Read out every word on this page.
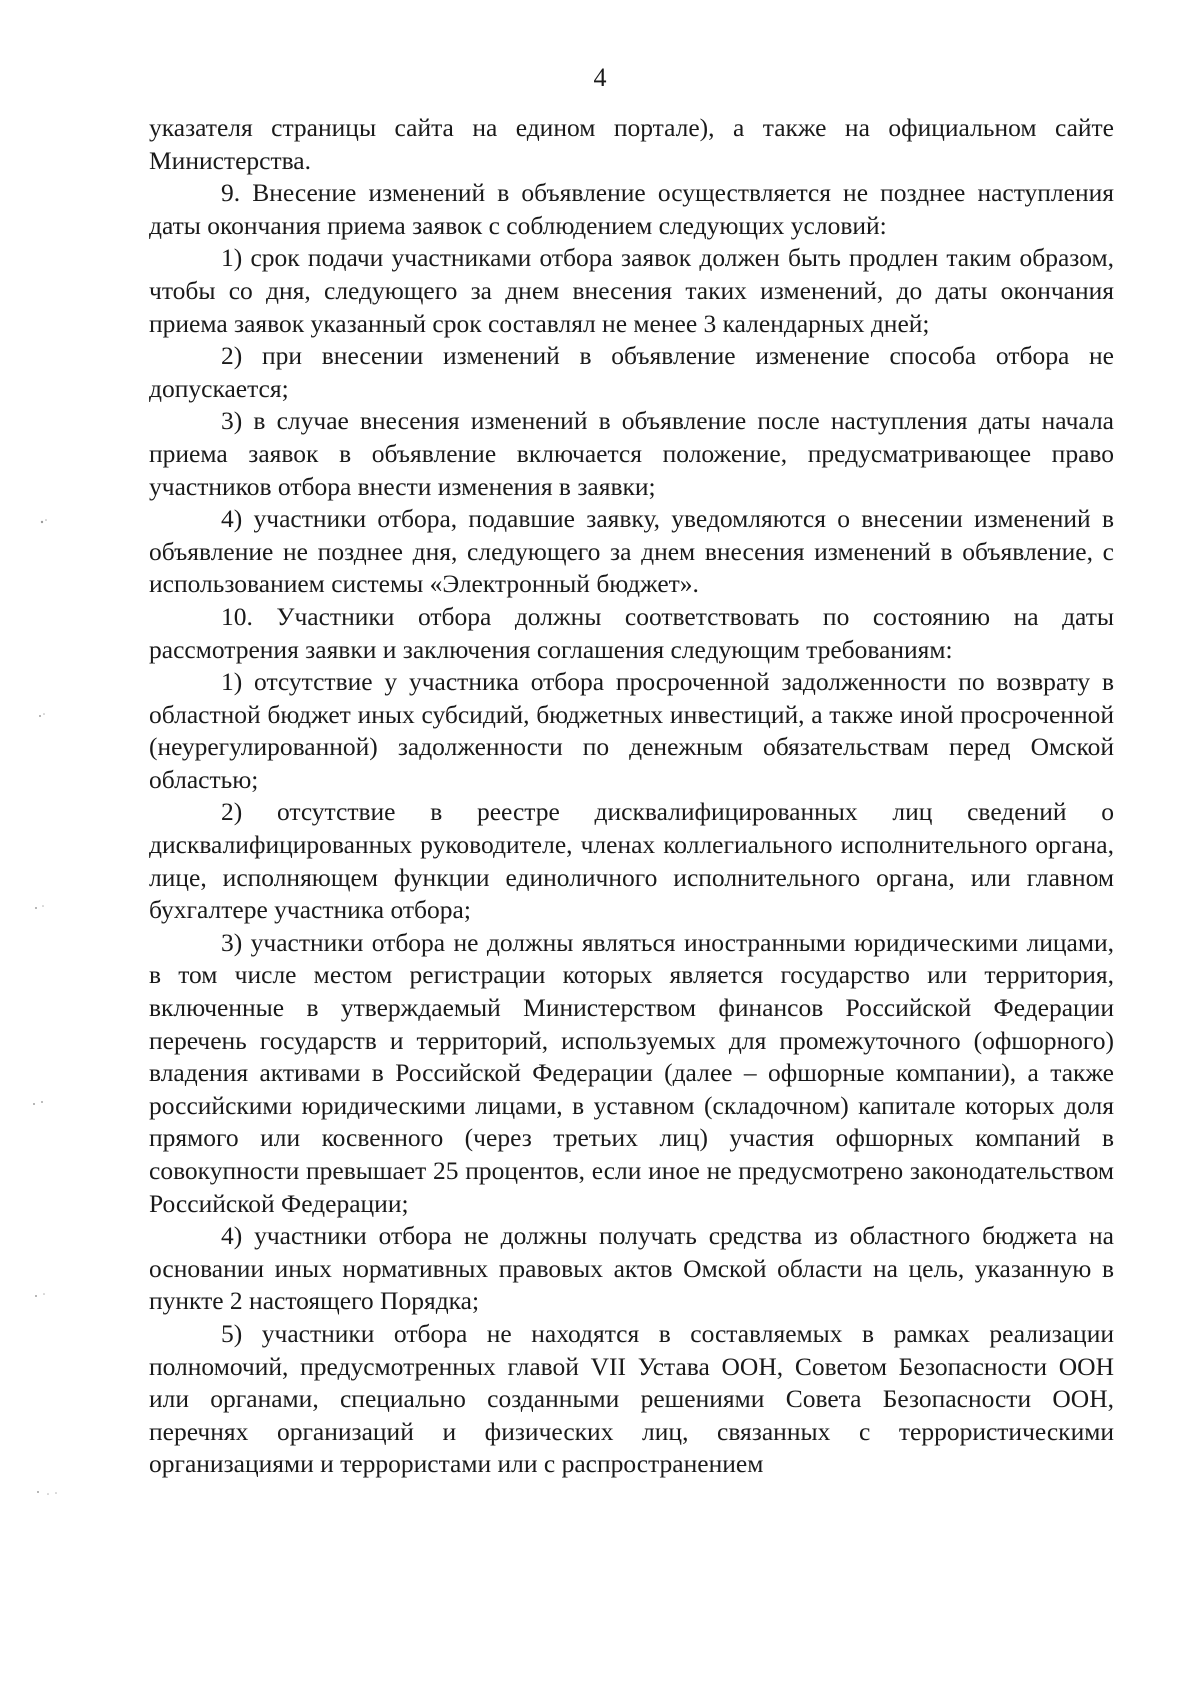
4

указателя страницы сайта на едином портале), а также на официальном сайте Министерства.

9. Внесение изменений в объявление осуществляется не позднее наступления даты окончания приема заявок с соблюдением следующих условий:

1) срок подачи участниками отбора заявок должен быть продлен таким образом, чтобы со дня, следующего за днем внесения таких изменений, до даты окончания приема заявок указанный срок составлял не менее 3 календарных дней;

2) при внесении изменений в объявление изменение способа отбора не допускается;

3) в случае внесения изменений в объявление после наступления даты начала приема заявок в объявление включается положение, предусматривающее право участников отбора внести изменения в заявки;

4) участники отбора, подавшие заявку, уведомляются о внесении изменений в объявление не позднее дня, следующего за днем внесения изменений в объявление, с использованием системы «Электронный бюджет».

10. Участники отбора должны соответствовать по состоянию на даты рассмотрения заявки и заключения соглашения следующим требованиям:

1) отсутствие у участника отбора просроченной задолженности по возврату в областной бюджет иных субсидий, бюджетных инвестиций, а также иной просроченной (неурегулированной) задолженности по денежным обязательствам перед Омской областью;

2) отсутствие в реестре дисквалифицированных лиц сведений о дисквалифицированных руководителе, членах коллегиального исполнительного органа, лице, исполняющем функции единоличного исполнительного органа, или главном бухгалтере участника отбора;

3) участники отбора не должны являться иностранными юридическими лицами, в том числе местом регистрации которых является государство или территория, включенные в утверждаемый Министерством финансов Российской Федерации перечень государств и территорий, используемых для промежуточного (офшорного) владения активами в Российской Федерации (далее – офшорные компании), а также российскими юридическими лицами, в уставном (складочном) капитале которых доля прямого или косвенного (через третьих лиц) участия офшорных компаний в совокупности превышает 25 процентов, если иное не предусмотрено законодательством Российской Федерации;

4) участники отбора не должны получать средства из областного бюджета на основании иных нормативных правовых актов Омской области на цель, указанную в пункте 2 настоящего Порядка;

5) участники отбора не находятся в составляемых в рамках реализации полномочий, предусмотренных главой VII Устава ООН, Советом Безопасности ООН или органами, специально созданными решениями Совета Безопасности ООН, перечнях организаций и физических лиц, связанных с террористическими организациями и террористами или с распространением
